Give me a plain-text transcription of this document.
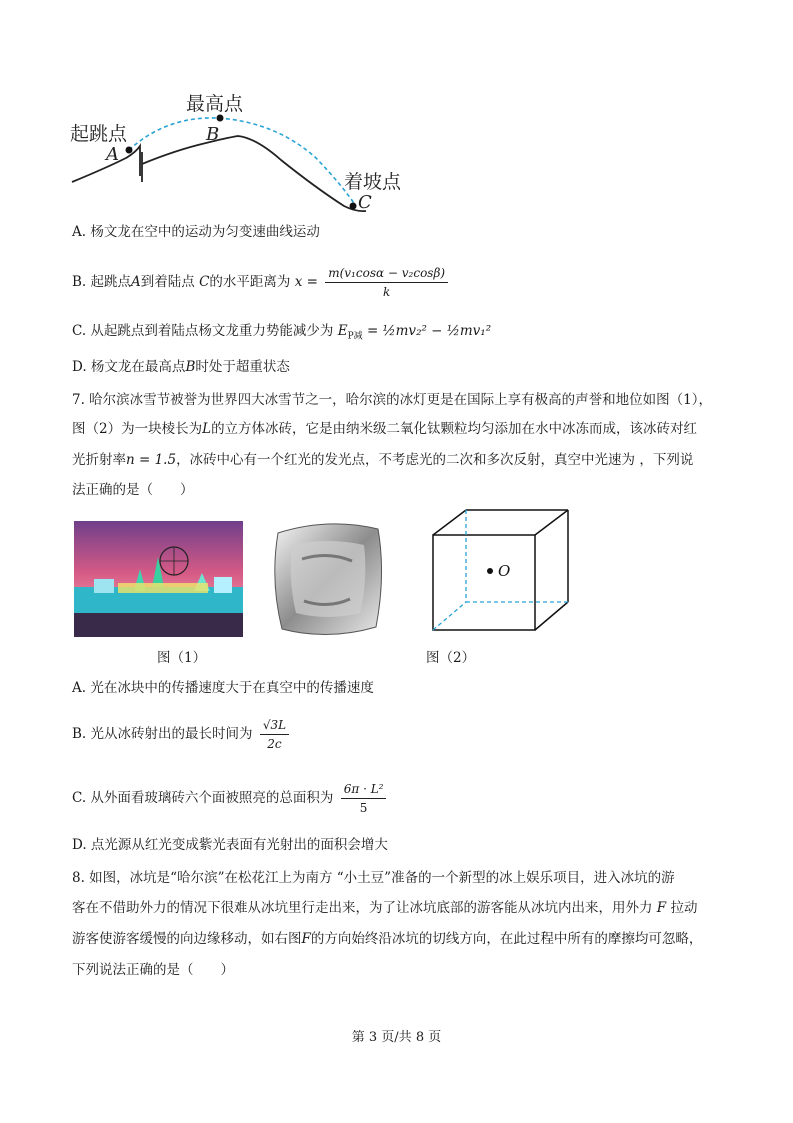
起跳点
最高点
着坡点
A
B
C
A. 杨文龙在空中的运动为匀变速曲线运动
B. 起跳点A到着陆点 C的水平距离为 $x = \frac{\text{m(v₁cosα − v₂cosβ)}}{k}$
C. 从起跳点到着陆点杨文龙重力势能减少为 $E_{P减}$ = ½mv₂² − ½mv₁²
D. 杨文龙在最高点B时处于超重状态
7. 哈尔滨冰雪节被誉为世界四大冰雪节之一，哈尔滨的冰灯更是在国际上享有极高的声誉和地位如图（1），
图（2）为一块棱长为L的立方体冰砖，它是由纳米级二氧化钛颗粒均匀添加在水中冰冻而成，该冰砖对红
光折射率n = 1.5，冰砖中心有一个红光的发光点，不考虑光的二次和多次反射，真空中光速为 ，下列说
法正确的是（　　）
O
图（1）	图（2）
A. 光在冰块中的传播速度大于在真空中的传播速度
B. 光从冰砖射出的最长时间为 $\frac{√3L}{2c}$
C. 从外面看玻璃砖六个面被照亮的总面积为 $\frac{\text{6π · L²}}{5}$
D. 点光源从红光变成紫光表面有光射出的面积会增大
8. 如图，冰坑是“哈尔滨”在松花江上为南方 “小土豆”准备的一个新型的冰上娱乐项目，进入冰坑的游
客在不借助外力的情况下很难从冰坑里行走出来，为了让冰坑底部的游客能从冰坑内出来，用外力 F 拉动
游客使游客缓慢的向边缘移动，如右图F的方向始终沿冰坑的切线方向，在此过程中所有的摩擦均可忽略，
下列说法正确的是（　　）
第 3 页/共 8 页
